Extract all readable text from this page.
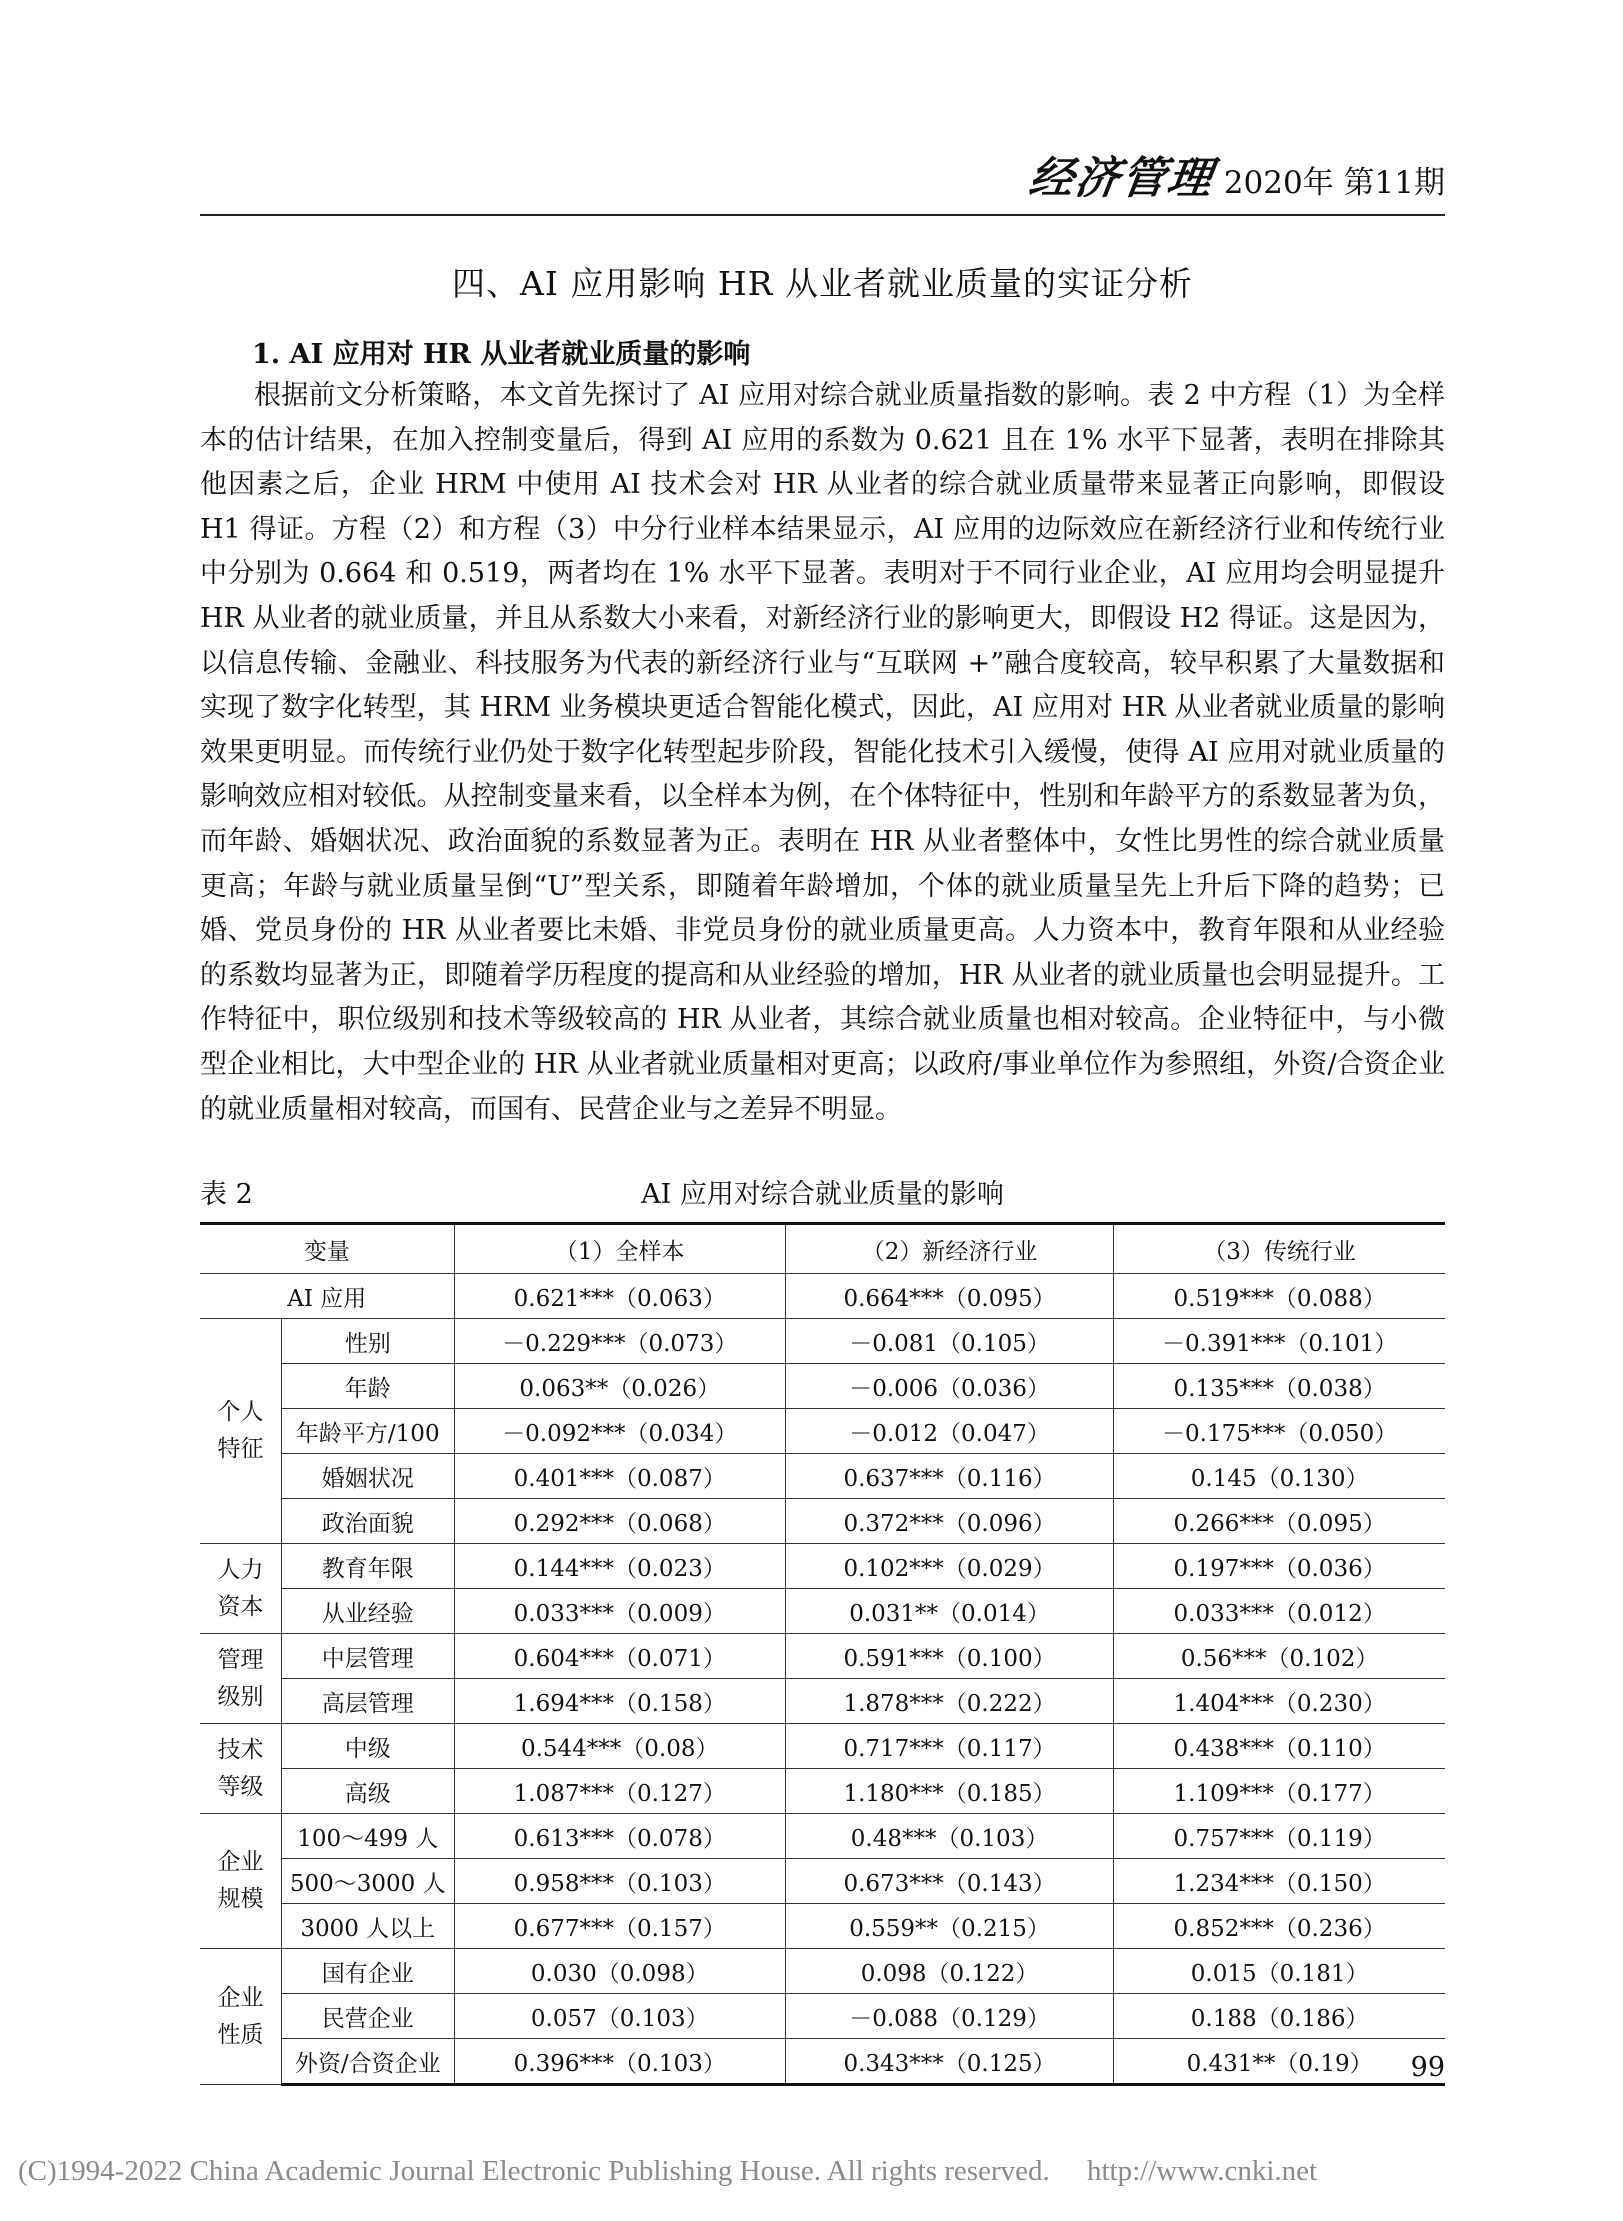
经济管理 2020年 第11期
四、AI 应用影响 HR 从业者就业质量的实证分析
1. AI 应用对 HR 从业者就业质量的影响
根据前文分析策略，本文首先探讨了 AI 应用对综合就业质量指数的影响。表 2 中方程（1）为全样本的估计结果，在加入控制变量后，得到 AI 应用的系数为 0.621 且在 1% 水平下显著，表明在排除其他因素之后，企业 HRM 中使用 AI 技术会对 HR 从业者的综合就业质量带来显著正向影响，即假设 H1 得证。方程（2）和方程（3）中分行业样本结果显示，AI 应用的边际效应在新经济行业和传统行业中分别为 0.664 和 0.519，两者均在 1% 水平下显著。表明对于不同行业企业，AI 应用均会明显提升 HR 从业者的就业质量，并且从系数大小来看，对新经济行业的影响更大，即假设 H2 得证。这是因为，以信息传输、金融业、科技服务为代表的新经济行业与“互联网 +”融合度较高，较早积累了大量数据和实现了数字化转型，其 HRM 业务模块更适合智能化模式，因此，AI 应用对 HR 从业者就业质量的影响效果更明显。而传统行业仍处于数字化转型起步阶段，智能化技术引入缓慢，使得 AI 应用对就业质量的影响效应相对较低。从控制变量来看，以全样本为例，在个体特征中，性别和年龄平方的系数显著为负，而年龄、婚姻状况、政治面貌的系数显著为正。表明在 HR 从业者整体中，女性比男性的综合就业质量更高；年龄与就业质量呈倒“U”型关系，即随着年龄增加，个体的就业质量呈先上升后下降的趋势；已婚、党员身份的 HR 从业者要比未婚、非党员身份的就业质量更高。人力资本中，教育年限和从业经验的系数均显著为正，即随着学历程度的提高和从业经验的增加，HR 从业者的就业质量也会明显提升。工作特征中，职位级别和技术等级较高的 HR 从业者，其综合就业质量也相对较高。企业特征中，与小微型企业相比，大中型企业的 HR 从业者就业质量相对更高；以政府/事业单位作为参照组，外资/合资企业的就业质量相对较高，而国有、民营企业与之差异不明显。
表 2	AI 应用对综合就业质量的影响
变量		（1）全样本	（2）新经济行业	（3）传统行业
AI 应用		0.621***（0.063）	0.664***（0.095）	0.519***（0.088）
个人
特征	性别	－0.229***（0.073）	－0.081（0.105）	－0.391***（0.101）
	年龄	0.063**（0.026）	－0.006（0.036）	0.135***（0.038）
	年龄平方/100	－0.092***（0.034）	－0.012（0.047）	－0.175***（0.050）
	婚姻状况	0.401***（0.087）	0.637***（0.116）	0.145（0.130）
	政治面貌	0.292***（0.068）	0.372***（0.096）	0.266***（0.095）
人力
资本	教育年限	0.144***（0.023）	0.102***（0.029）	0.197***（0.036）
	从业经验	0.033***（0.009）	0.031**（0.014）	0.033***（0.012）
管理
级别	中层管理	0.604***（0.071）	0.591***（0.100）	0.56***（0.102）
	高层管理	1.694***（0.158）	1.878***（0.222）	1.404***（0.230）
技术
等级	中级	0.544***（0.08）	0.717***（0.117）	0.438***（0.110）
	高级	1.087***（0.127）	1.180***（0.185）	1.109***（0.177）
企业
规模	100～499 人	0.613***（0.078）	0.48***（0.103）	0.757***（0.119）
	500～3000 人	0.958***（0.103）	0.673***（0.143）	1.234***（0.150）
	3000 人以上	0.677***（0.157）	0.559**（0.215）	0.852***（0.236）
企业
性质	国有企业	0.030（0.098）	0.098（0.122）	0.015（0.181）
	民营企业	0.057（0.103）	－0.088（0.129）	0.188（0.186）
	外资/合资企业	0.396***（0.103）	0.343***（0.125）	0.431**（0.19） 99
(C)1994-2022 China Academic Journal Electronic Publishing House. All rights reserved. http://www.cnki.net
